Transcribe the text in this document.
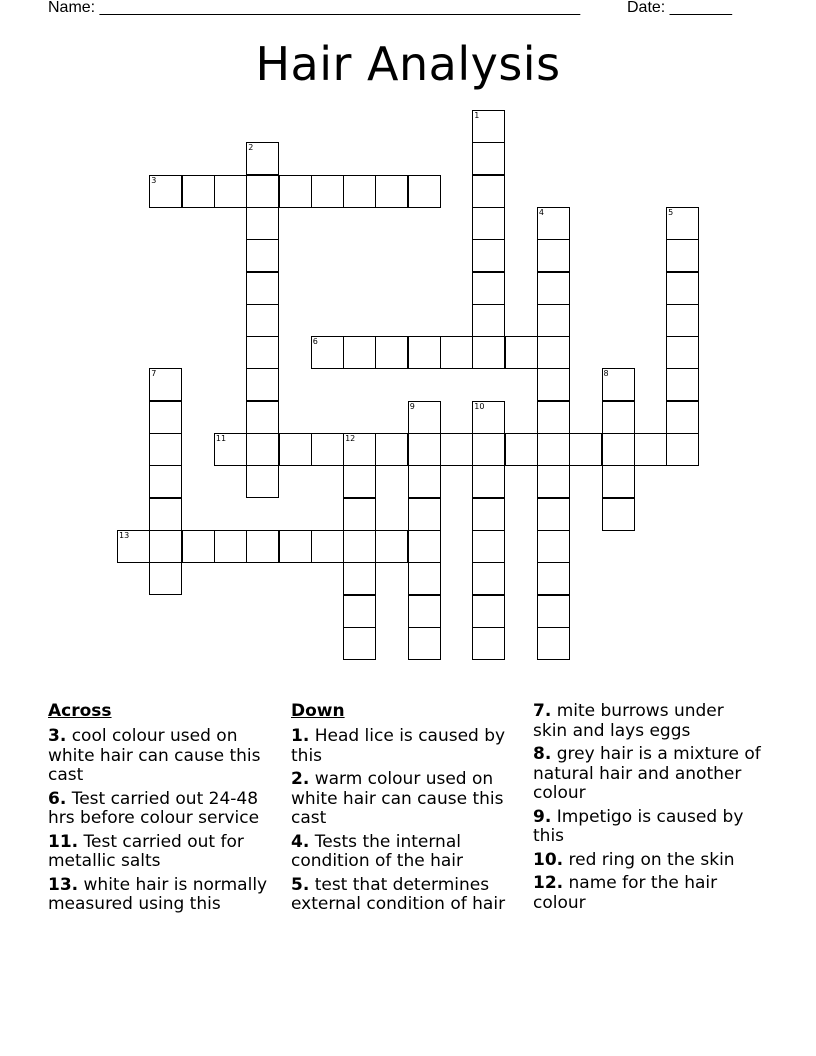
Name: ______________________________________________________	Date: _______
Hair Analysis
1
2
3
4	5
6
7	8
9	10
11	12
13
Across
3. cool colour used on white hair can cause this cast
6. Test carried out 24-48 hrs before colour service
11. Test carried out for metallic salts
13. white hair is normally measured using this
Down
1. Head lice is caused by this
2. warm colour used on white hair can cause this cast
4. Tests the internal condition of the hair
5. test that determines external condition of hair
7. mite burrows under skin and lays eggs
8. grey hair is a mixture of natural hair and another colour
9. Impetigo is caused by this
10. red ring on the skin
12. name for the hair colour
